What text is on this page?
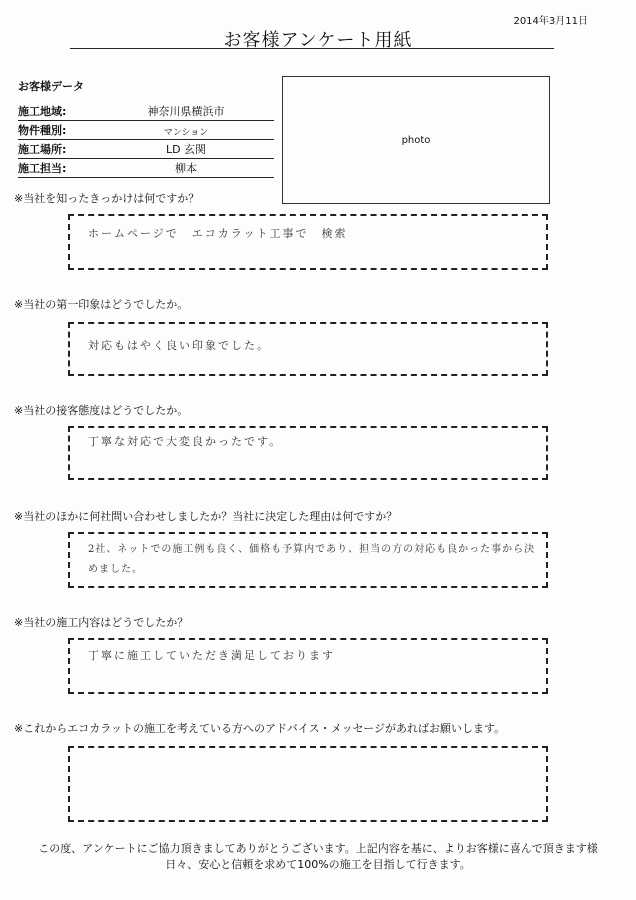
2014年3月11日
お客様アンケート用紙
お客様データ
施工地域:	神奈川県横浜市
物件種別:	マンション
施工場所:	LD 玄関
施工担当:	柳本
photo
※当社を知ったきっかけは何ですか？
ホームページで　エコカラット工事で　検索
※当社の第一印象はどうでしたか。
対応もはやく良い印象でした。
※当社の接客態度はどうでしたか。
丁寧な対応で大変良かったです。
※当社のほかに何社問い合わせしましたか？当社に決定した理由は何ですか？
2社、ネットでの施工例も良く、価格も予算内であり、担当の方の対応も良かった事から決めました。
※当社の施工内容はどうでしたか？
丁寧に施工していただき満足しております
※これからエコカラットの施工を考えている方へのアドバイス・メッセージがあればお願いします。
この度、アンケートにご協力頂きましてありがとうございます。上記内容を基に、よりお客様に喜んで頂きます様
日々、安心と信頼を求めて100%の施工を目指して行きます。
